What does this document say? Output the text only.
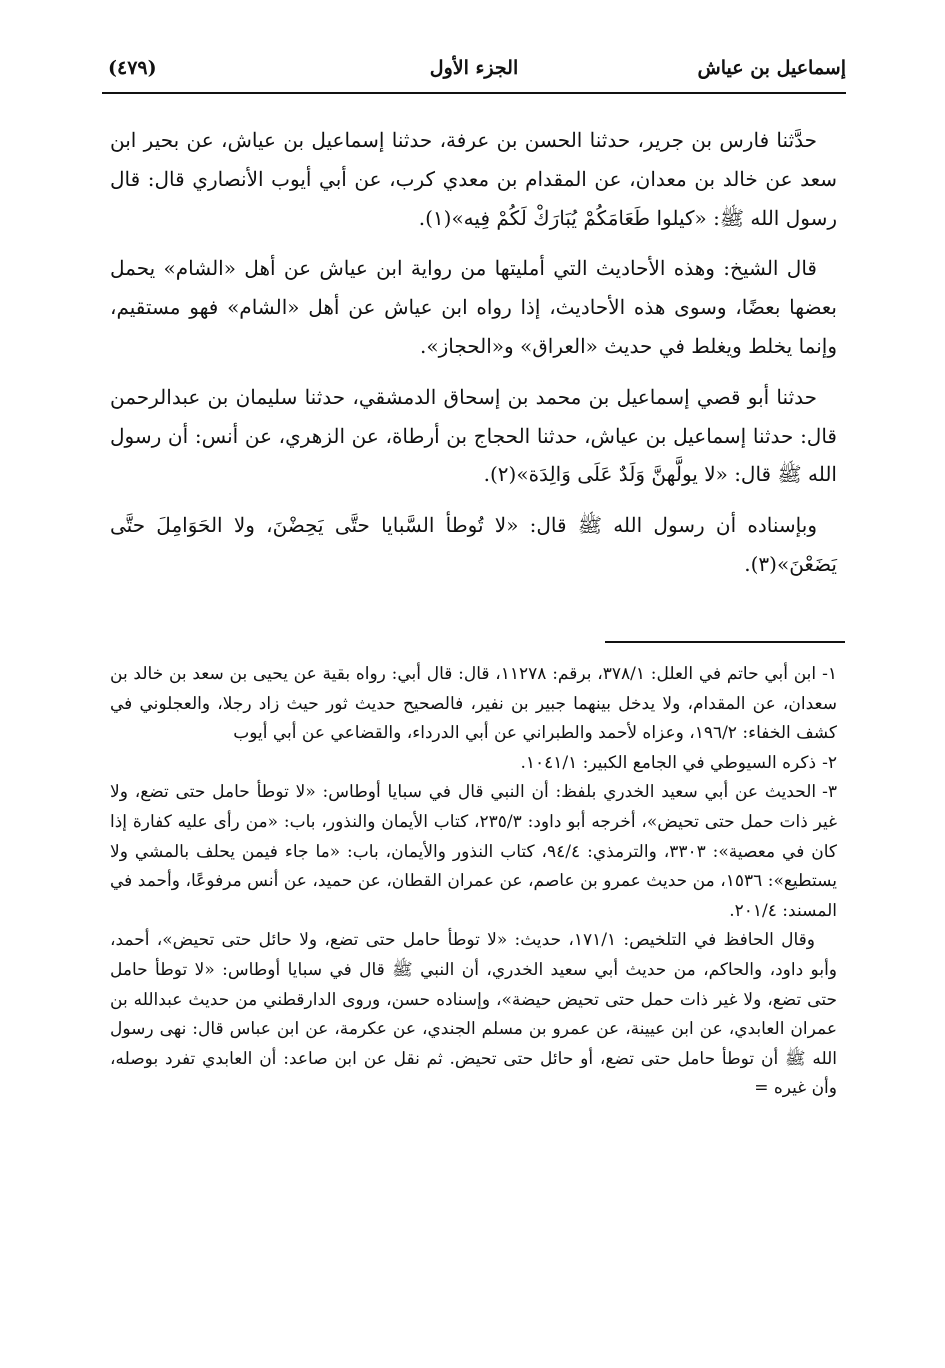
إسماعيل بن عياش
الجزء الأول
(٤٧٩)

حدَّثنا فارس بن جرير، حدثنا الحسن بن عرفة، حدثنا إسماعيل بن عياش، عن بحير ابن سعد عن خالد بن معدان، عن المقدام بن معدي كرب، عن أبي أيوب الأنصاري قال: قال رسول الله ﷺ: «كيلوا طَعَامَكُمْ يُبَارَكْ لَكُمْ فِيه»(١).

قال الشيخ: وهذه الأحاديث التي أمليتها من رواية ابن عياش عن أهل «الشام» يحمل بعضها بعضًا، وسوى هذه الأحاديث، إذا رواه ابن عياش عن أهل «الشام» فهو مستقيم، وإنما يخلط ويغلط في حديث «العراق» و«الحجاز».

حدثنا أبو قصي إسماعيل بن محمد بن إسحاق الدمشقي، حدثنا سليمان بن عبدالرحمن قال: حدثنا إسماعيل بن عياش، حدثنا الحجاج بن أرطاة، عن الزهري، عن أنس: أن رسول الله ﷺ قال: «لا يولَّهنَّ وَلَدٌ عَلَى وَالِدَة»(٢).

وبإسناده أن رسول الله ﷺ قال: «لا تُوطأ السَّبايا حتَّى يَحِضْنَ، ولا الحَوَامِلَ حتَّى يَضَعْنَ»(٣).

١-ابن أبي حاتم في العلل: ٣٧٨/١، برقم: ١١٢٧٨، قال: قال أبي: رواه بقية عن يحيى بن سعد بن خالد بن سعدان، عن المقدام، ولا يدخل بينهما جبير بن نفير، فالصحيح حديث ثور حيث زاد رجلا، والعجلوني في كشف الخفاء: ١٩٦/٢، وعزاه لأحمد والطبراني عن أبي الدرداء، والقضاعي عن أبي أيوب

٢-ذكره السيوطي في الجامع الكبير: ١٠٤١/١.

٣-الحديث عن أبي سعيد الخدري بلفظ: أن النبي قال في سبايا أوطاس: «لا توطأ حامل حتى تضع، ولا غير ذات حمل حتى تحيض»، أخرجه أبو داود: ٢٣٥/٣، كتاب الأيمان والنذور، باب: «من رأى عليه كفارة إذا كان في معصية»: ٣٣٠٣، والترمذي: ٩٤/٤، كتاب النذور والأيمان، باب: «ما جاء فيمن يحلف بالمشي ولا يستطيع»: ١٥٣٦، من حديث عمرو بن عاصم، عن عمران القطان، عن حميد، عن أنس مرفوعًا، وأحمد في المسند: ٢٠١/٤.

وقال الحافظ في التلخيص: ١٧١/١، حديث: «لا توطأ حامل حتى تضع، ولا حائل حتى تحيض»، أحمد، وأبو داود، والحاكم، من حديث أبي سعيد الخدري، أن النبي ﷺ قال في سبايا أوطاس: «لا توطأ حامل حتى تضع، ولا غير ذات حمل حتى تحيض حيضة»، وإسناده حسن، وروى الدارقطني من حديث عبدالله بن عمران العابدي، عن ابن عيينة، عن عمرو بن مسلم الجندي، عن عكرمة، عن ابن عباس قال: نهى رسول الله ﷺ أن توطأ حامل حتى تضع، أو حائل حتى تحيض. ثم نقل عن ابن صاعد: أن العابدي تفرد بوصله، وأن غيره =
